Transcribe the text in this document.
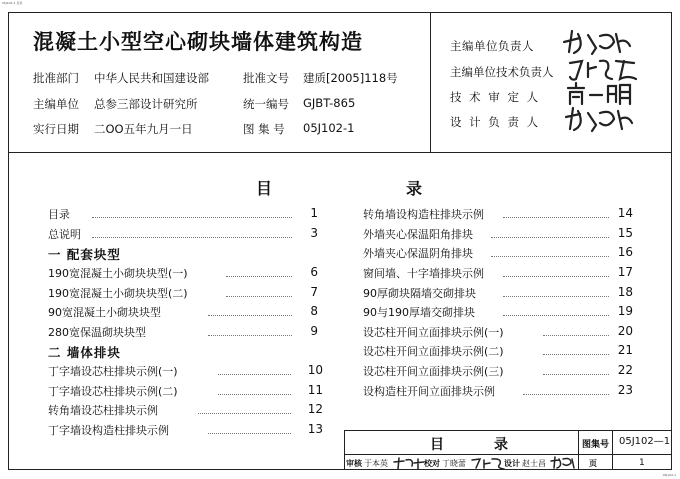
05J102-1 目录
05J102-1
混凝土小型空心砌块墙体建筑构造
批准部门 中华人民共和国建设部	批准文号 建质[2005]118号
主编单位 总参三部设计研究所	统一编号 GJBT-865
实行日期 二OO五年九月一日	图 集 号 05J102-1
主编单位负责人
主编单位技术负责人
技 术 审 定 人
设 计 负 责 人
目	录
目录	1
总说明	3
一 配套块型
190宽混凝土小砌块块型(一)	6
190宽混凝土小砌块块型(二)	7
90宽混凝土小砌块块型	8
280宽保温砌块块型	9
二 墙体排块
丁字墙设芯柱排块示例(一)	10
丁字墙设芯柱排块示例(二)	11
转角墙设芯柱排块示例	12
丁字墙设构造柱排块示例	13
转角墙设构造柱排块示例	14
外墙夹心保温阳角排块	15
外墙夹心保温阴角排块	16
窗间墙、十字墙排块示例	17
90厚砌块隔墙交砌排块	18
90与190厚墙交砌排块	19
设芯柱开间立面排块示例(一)	20
设芯柱开间立面排块示例(二)	21
设芯柱开间立面排块示例(三)	22
设构造柱开间立面排块示例	23
目	录	图集号 05J102—1
审核 于本英	校对 丁晓蕾	设计 赵士昌	页	1
